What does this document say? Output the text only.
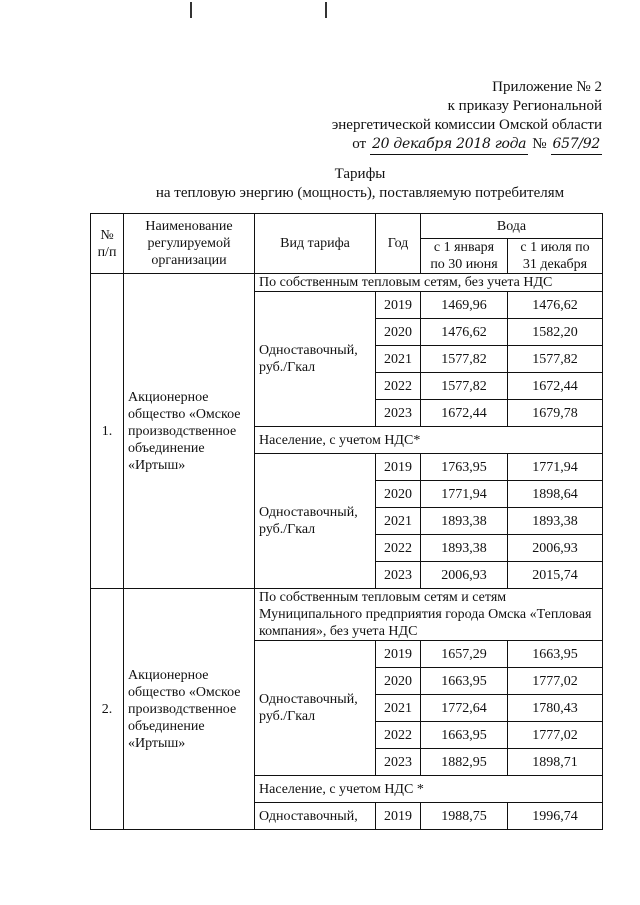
Приложение № 2
к приказу Региональной
энергетической комиссии Омской области
от 20 декабря 2018 года № 657/92
Тарифы
на тепловую энергию (мощность), поставляемую потребителям
№ п/п	Наименование регулируемой организации	Вид тарифа	Год	Вода	
				с 1 января по 30 июня	с 1 июля по 31 декабря
1.	Акционерное общество «Омское производственное объединение «Иртыш»	По собственным тепловым сетям, без учета НДС			
		Одноставочный, руб./Гкал	2019	1469,96	1476,62
			2020	1476,62	1582,20
			2021	1577,82	1577,82
			2022	1577,82	1672,44
			2023	1672,44	1679,78
		Население, с учетом НДС*			
		Одноставочный, руб./Гкал	2019	1763,95	1771,94
			2020	1771,94	1898,64
			2021	1893,38	1893,38
			2022	1893,38	2006,93
			2023	2006,93	2015,74
2.	Акционерное общество «Омское производственное объединение «Иртыш»	По собственным тепловым сетям и сетям Муниципального предприятия города Омска «Тепловая компания», без учета НДС			
		Одноставочный, руб./Гкал	2019	1657,29	1663,95
			2020	1663,95	1777,02
			2021	1772,64	1780,43
			2022	1663,95	1777,02
			2023	1882,95	1898,71
		Население, с учетом НДС *			
		Одноставочный,	2019	1988,75	1996,74
